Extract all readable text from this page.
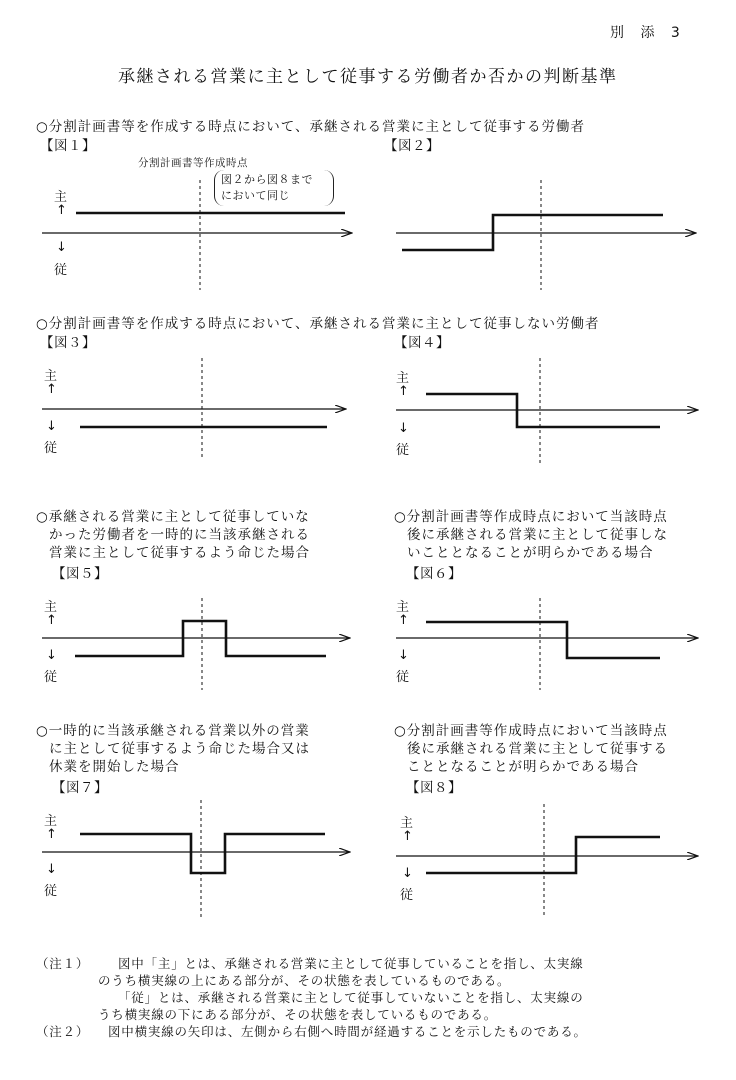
別 添 3
承継される営業に主として従事する労働者か否かの判断基準
○分割計画書等を作成する時点において、承継される営業に主として従事する労働者
【図１】	【図２】
分割計画書等作成時点
図２から図８まで
において同じ
○分割計画書等を作成する時点において、承継される営業に主として従事しない労働者
【図３】	【図４】
○承継される営業に主として従事していな
かった労働者を一時的に当該承継される
営業に主として従事するよう命じた場合
【図５】
○分割計画書等作成時点において当該時点
後に承継される営業に主として従事しな
いこととなることが明らかである場合
【図６】
○一時的に当該承継される営業以外の営業
に主として従事するよう命じた場合又は
休業を開始した場合
【図７】
○分割計画書等作成時点において当該時点
後に承継される営業に主として従事する
こととなることが明らかである場合
【図８】
主
↑
↓
従
主
↑
↓
従
主
↑
↓
従
主
↑
↓
従
主
↑
↓
従
主
↑
↓
従
主
↑
↓
従
（注１） 図中「主」とは、承継される営業に主として従事していることを指し、太実線
のうち横実線の上にある部分が、その状態を表しているものである。
「従」とは、承継される営業に主として従事していないことを指し、太実線の
うち横実線の下にある部分が、その状態を表しているものである。
（注２） 図中横実線の矢印は、左側から右側へ時間が経過することを示したものである。
